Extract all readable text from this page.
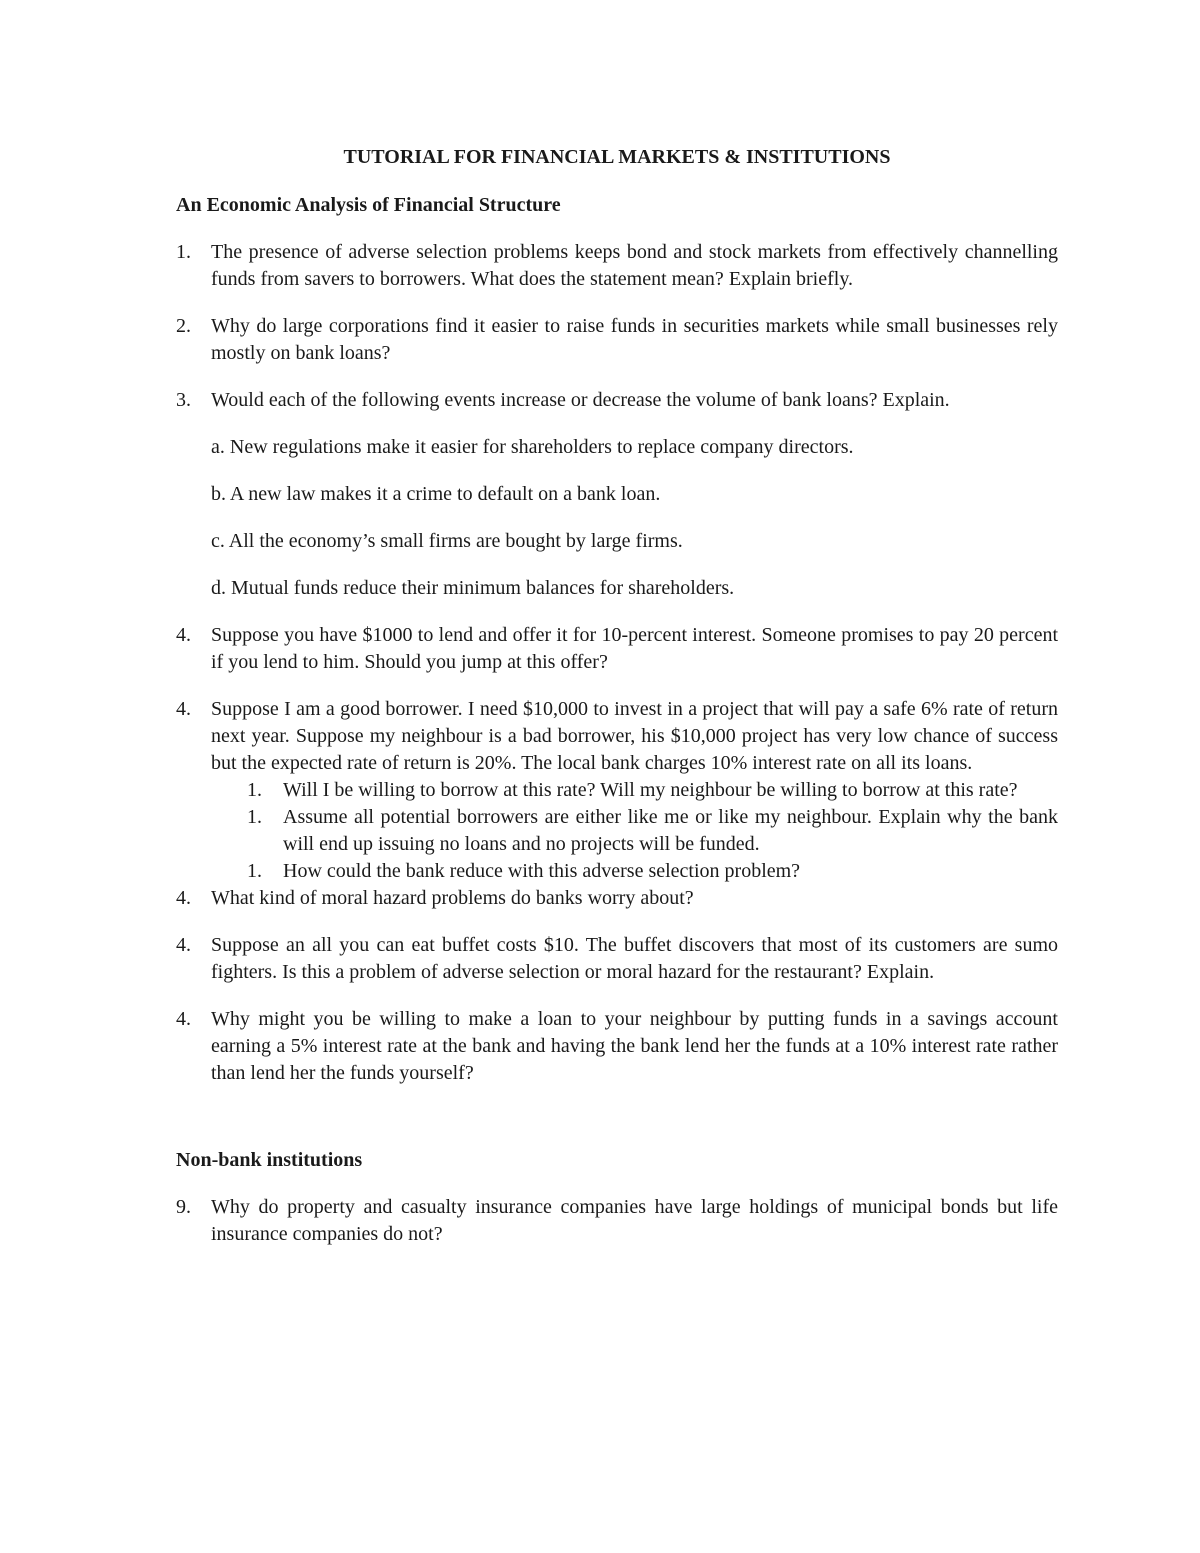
TUTORIAL FOR FINANCIAL MARKETS & INSTITUTIONS
An Economic Analysis of Financial Structure
1. The presence of adverse selection problems keeps bond and stock markets from effectively channelling funds from savers to borrowers. What does the statement mean? Explain briefly.
2. Why do large corporations find it easier to raise funds in securities markets while small businesses rely mostly on bank loans?
3. Would each of the following events increase or decrease the volume of bank loans? Explain.
a. New regulations make it easier for shareholders to replace company directors.
b. A new law makes it a crime to default on a bank loan.
c. All the economy’s small firms are bought by large firms.
d. Mutual funds reduce their minimum balances for shareholders.
4. Suppose you have $1000 to lend and offer it for 10-percent interest. Someone promises to pay 20 percent if you lend to him. Should you jump at this offer?
4. Suppose I am a good borrower. I need $10,000 to invest in a project that will pay a safe 6% rate of return next year. Suppose my neighbour is a bad borrower, his $10,000 project has very low chance of success but the expected rate of return is 20%. The local bank charges 10% interest rate on all its loans.
1. Will I be willing to borrow at this rate? Will my neighbour be willing to borrow at this rate?
1. Assume all potential borrowers are either like me or like my neighbour. Explain why the bank will end up issuing no loans and no projects will be funded.
1. How could the bank reduce with this adverse selection problem?
4. What kind of moral hazard problems do banks worry about?
4. Suppose an all you can eat buffet costs $10. The buffet discovers that most of its customers are sumo fighters. Is this a problem of adverse selection or moral hazard for the restaurant? Explain.
4. Why might you be willing to make a loan to your neighbour by putting funds in a savings account earning a 5% interest rate at the bank and having the bank lend her the funds at a 10% interest rate rather than lend her the funds yourself?
Non-bank institutions
9. Why do property and casualty insurance companies have large holdings of municipal bonds but life insurance companies do not?
